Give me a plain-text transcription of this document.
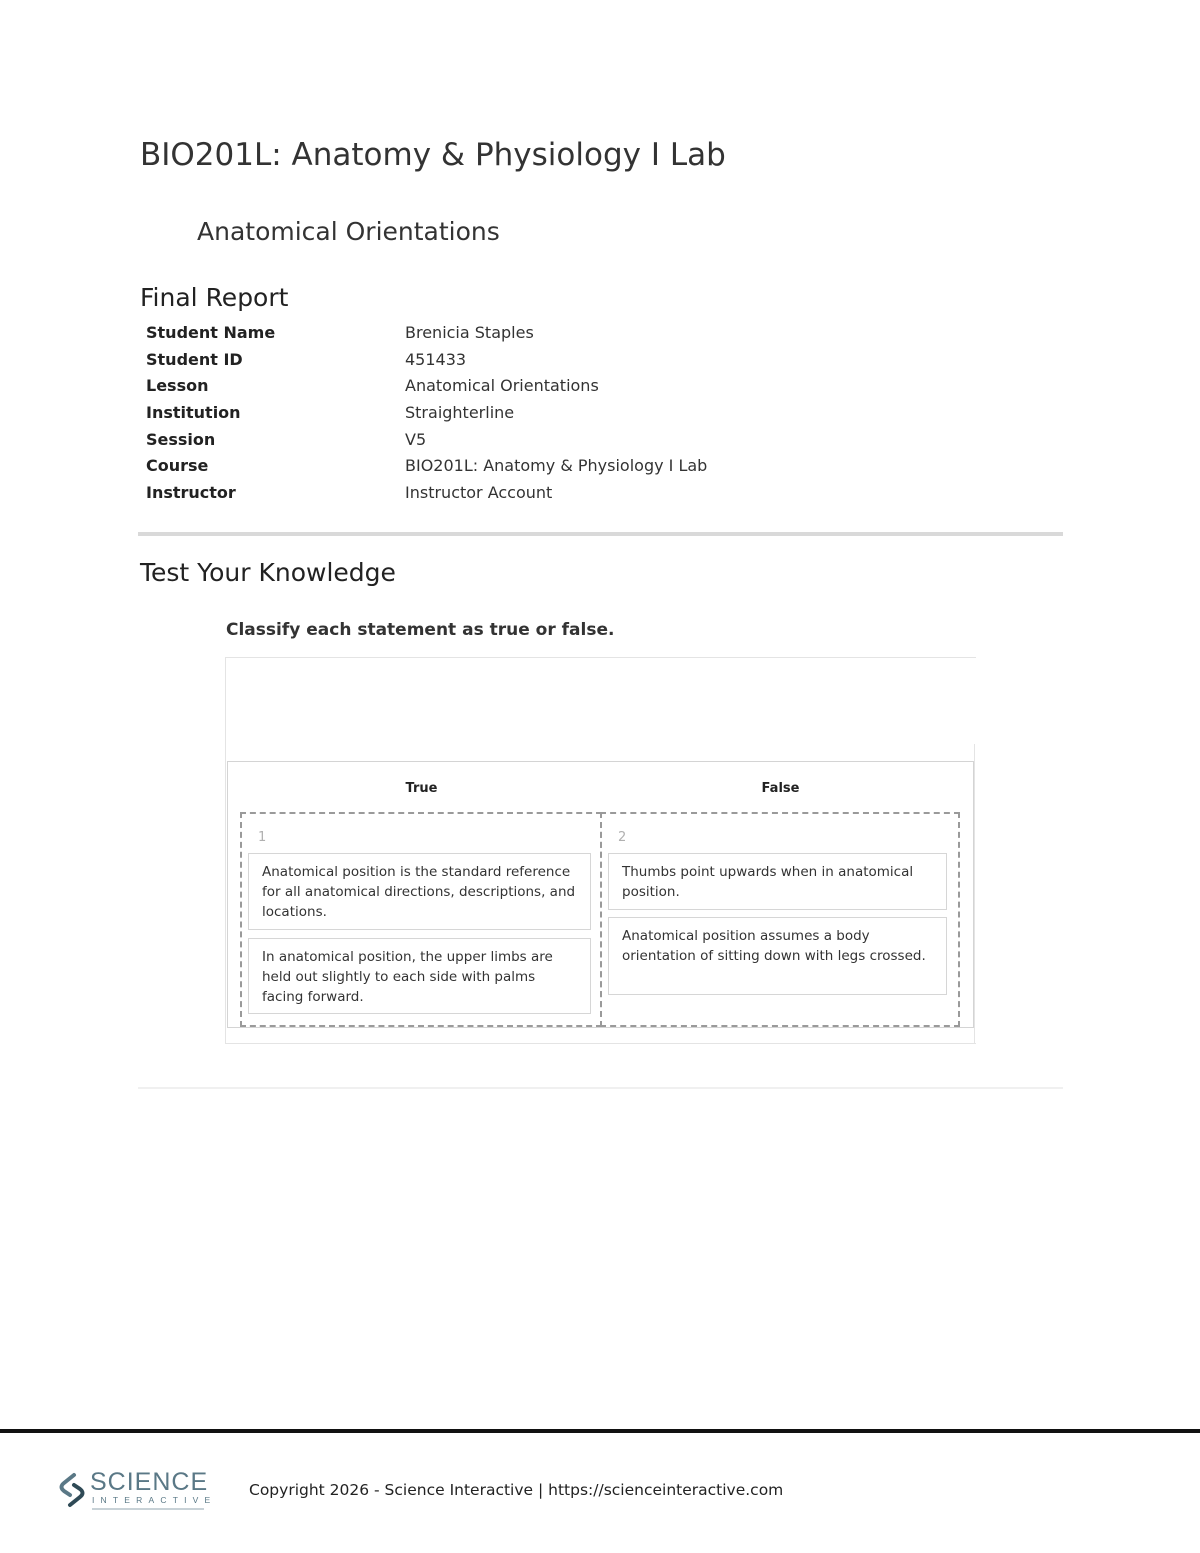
BIO201L: Anatomy & Physiology I Lab
Anatomical Orientations
Final Report
Student Name	Brenicia Staples
Student ID	451433
Lesson	Anatomical Orientations
Institution	Straighterline
Session	V5
Course	BIO201L: Anatomy & Physiology I Lab
Instructor	Instructor Account
Test Your Knowledge
Classify each statement as true or false.
True	False
1	2
Anatomical position is the standard reference for all anatomical directions, descriptions, and locations.
In anatomical position, the upper limbs are held out slightly to each side with palms facing forward.
Thumbs point upwards when in anatomical position.
Anatomical position assumes a body orientation of sitting down with legs crossed.
SCIENCE
INTERACTIVE
Copyright 2026 - Science Interactive | https://scienceinteractive.com
